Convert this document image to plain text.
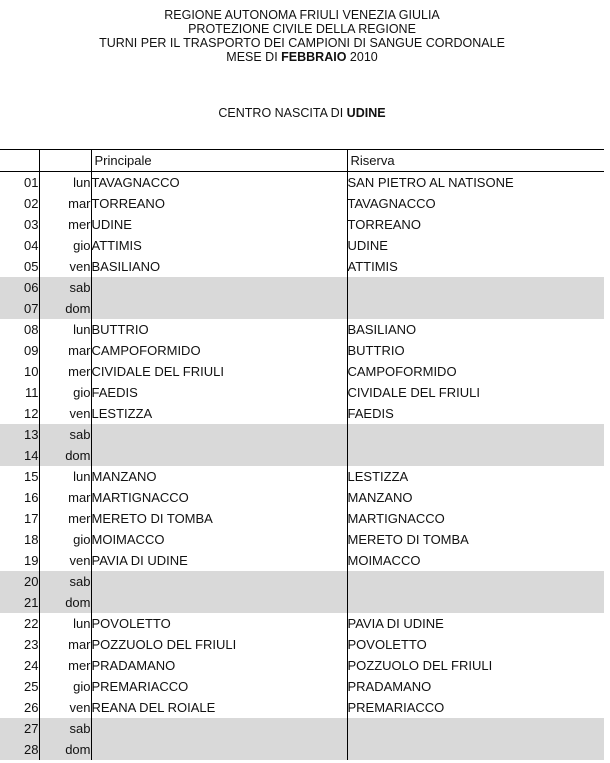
REGIONE AUTONOMA FRIULI VENEZIA GIULIA
PROTEZIONE CIVILE DELLA REGIONE
TURNI PER IL TRASPORTO DEI CAMPIONI DI SANGUE CORDONALE
MESE DI FEBBRAIO 2010
CENTRO NASCITA DI UDINE
		Principale	Riserva
01	lun	TAVAGNACCO	SAN PIETRO AL NATISONE
02	mar	TORREANO	TAVAGNACCO
03	mer	UDINE	TORREANO
04	gio	ATTIMIS	UDINE
05	ven	BASILIANO	ATTIMIS
06	sab		
07	dom		
08	lun	BUTTRIO	BASILIANO
09	mar	CAMPOFORMIDO	BUTTRIO
10	mer	CIVIDALE DEL FRIULI	CAMPOFORMIDO
11	gio	FAEDIS	CIVIDALE DEL FRIULI
12	ven	LESTIZZA	FAEDIS
13	sab		
14	dom		
15	lun	MANZANO	LESTIZZA
16	mar	MARTIGNACCO	MANZANO
17	mer	MERETO DI TOMBA	MARTIGNACCO
18	gio	MOIMACCO	MERETO DI TOMBA
19	ven	PAVIA DI UDINE	MOIMACCO
20	sab		
21	dom		
22	lun	POVOLETTO	PAVIA DI UDINE
23	mar	POZZUOLO DEL FRIULI	POVOLETTO
24	mer	PRADAMANO	POZZUOLO DEL FRIULI
25	gio	PREMARIACCO	PRADAMANO
26	ven	REANA DEL ROIALE	PREMARIACCO
27	sab		
28	dom		
